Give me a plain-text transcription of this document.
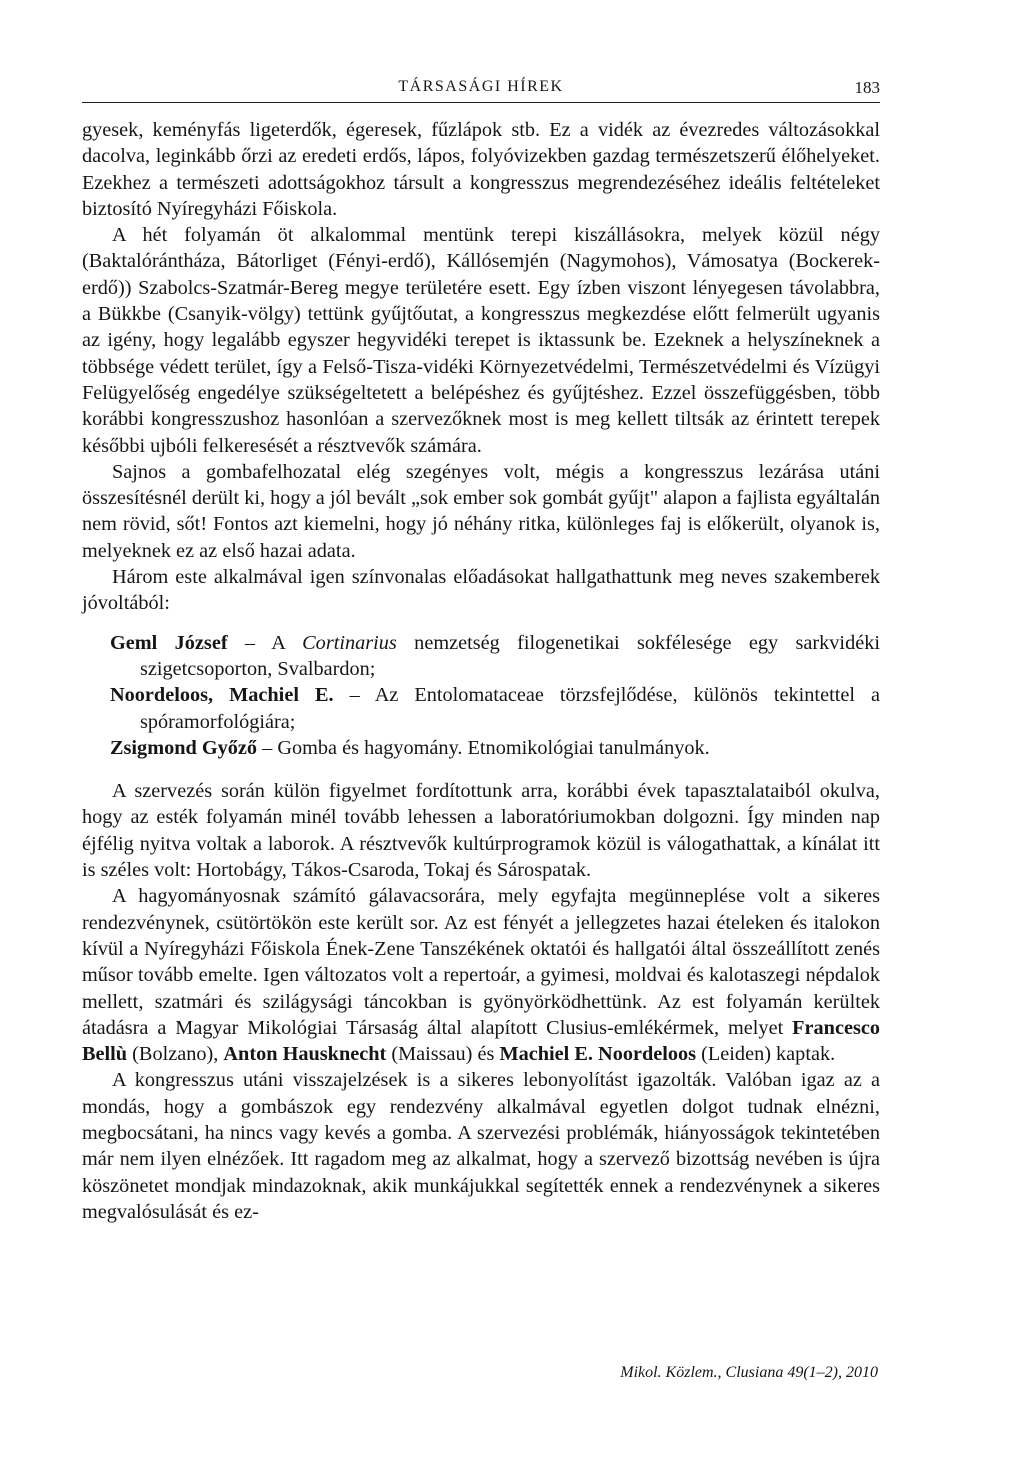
TÁRSASÁGI HÍREK	183

gyesek, keményfás ligeterdők, égeresek, fűzlápok stb. Ez a vidék az évezredes változásokkal dacolva, leginkább őrzi az eredeti erdős, lápos, folyóvizekben gazdag természetszerű élőhelyeket. Ezekhez a természeti adottságokhoz társult a kongresszus megrendezéséhez ideális feltételeket biztosító Nyíregyházi Főiskola.

A hét folyamán öt alkalommal mentünk terepi kiszállásokra, melyek közül négy (Baktalórántháza, Bátorliget (Fényi-erdő), Kállósemjén (Nagymohos), Vámosatya (Bockerek-erdő)) Szabolcs-Szatmár-Bereg megye területére esett. Egy ízben viszont lényegesen távolabbra, a Bükkbe (Csanyik-völgy) tettünk gyűjtőutat, a kongresszus megkezdése előtt felmerült ugyanis az igény, hogy legalább egyszer hegyvidéki terepet is iktassunk be. Ezeknek a helyszíneknek a többsége védett terület, így a Felső-Tisza-vidéki Környezetvédelmi, Természetvédelmi és Vízügyi Felügyelőség engedélye szükségeltetett a belépéshez és gyűjtéshez. Ezzel összefüggésben, több korábbi kongresszushoz hasonlóan a szervezőknek most is meg kellett tiltsák az érintett terepek későbbi ujbóli felkeresését a résztvevők számára.

Sajnos a gombafelhozatal elég szegényes volt, mégis a kongresszus lezárása utáni összesítésnél derült ki, hogy a jól bevált „sok ember sok gombát gyűjt" alapon a fajlista egyáltalán nem rövid, sőt! Fontos azt kiemelni, hogy jó néhány ritka, különleges faj is előkerült, olyanok is, melyeknek ez az első hazai adata.

Három este alkalmával igen színvonalas előadásokat hallgathattunk meg neves szakemberek jóvoltából:

Geml József – A Cortinarius nemzetség filogenetikai sokfélesége egy sarkvidéki szigetcsoporton, Svalbardon;
Noordeloos, Machiel E. – Az Entolomataceae törzsfejlődése, különös tekintettel a spóramorfológiára;
Zsigmond Győző – Gomba és hagyomány. Etnomikológiai tanulmányok.

A szervezés során külön figyelmet fordítottunk arra, korábbi évek tapasztalataiból okulva, hogy az esték folyamán minél tovább lehessen a laboratóriumokban dolgozni. Így minden nap éjfélig nyitva voltak a laborok. A résztvevők kultúrprogramok közül is válogathattak, a kínálat itt is széles volt: Hortobágy, Tákos-Csaroda, Tokaj és Sárospatak.

A hagyományosnak számító gálavacsorára, mely egyfajta megünneplése volt a sikeres rendezvénynek, csütörtökön este került sor. Az est fényét a jellegzetes hazai ételeken és italokon kívül a Nyíregyházi Főiskola Ének-Zene Tanszékének oktatói és hallgatói által összeállított zenés műsor tovább emelte. Igen változatos volt a repertoár, a gyimesi, moldvai és kalotaszegi népdalok mellett, szatmári és szilágysági táncokban is gyönyörködhettünk. Az est folyamán kerültek átadásra a Magyar Mikológiai Társaság által alapított Clusius-emlékérmek, melyet Francesco Bellù (Bolzano), Anton Hausknecht (Maissau) és Machiel E. Noordeloos (Leiden) kaptak.

A kongresszus utáni visszajelzések is a sikeres lebonyolítást igazolták. Valóban igaz az a mondás, hogy a gombászok egy rendezvény alkalmával egyetlen dolgot tudnak elnézni, megbocsátani, ha nincs vagy kevés a gomba. A szervezési problémák, hiányosságok tekintetében már nem ilyen elnézőek. Itt ragadom meg az alkalmat, hogy a szervező bizottság nevében is újra köszönetet mondjak mindazoknak, akik munkájukkal segítették ennek a rendezvénynek a sikeres megvalósulását és ez-

Mikol. Közlem., Clusiana 49(1–2), 2010
